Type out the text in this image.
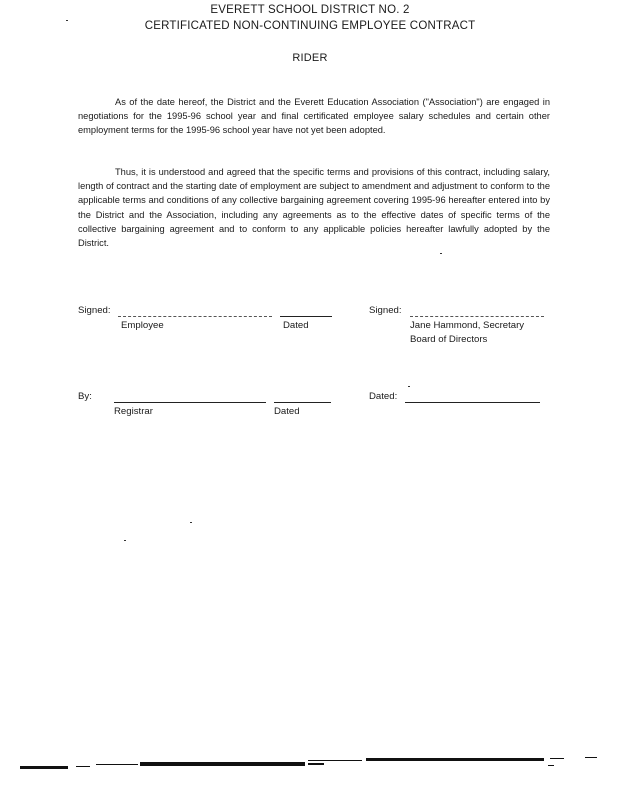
EVERETT SCHOOL DISTRICT NO. 2
CERTIFICATED NON-CONTINUING EMPLOYEE CONTRACT
RIDER
As of the date hereof, the District and the Everett Education Association ("Association") are engaged in negotiations for the 1995-96 school year and final certificated employee salary schedules and certain other employment terms for the 1995-96 school year have not yet been adopted.
Thus, it is understood and agreed that the specific terms and provisions of this contract, including salary, length of contract and the starting date of employment are subject to amendment and adjustment to conform to the applicable terms and conditions of any collective bargaining agreement covering 1995-96 hereafter entered into by the District and the Association, including any agreements as to the effective dates of specific terms of the collective bargaining agreement and to conform to any applicable policies hereafter lawfully adopted by the District.
Signed:
Employee	Dated
Signed:
Jane Hammond, Secretary
Board of Directors
By:
Registrar	Dated
Dated:
